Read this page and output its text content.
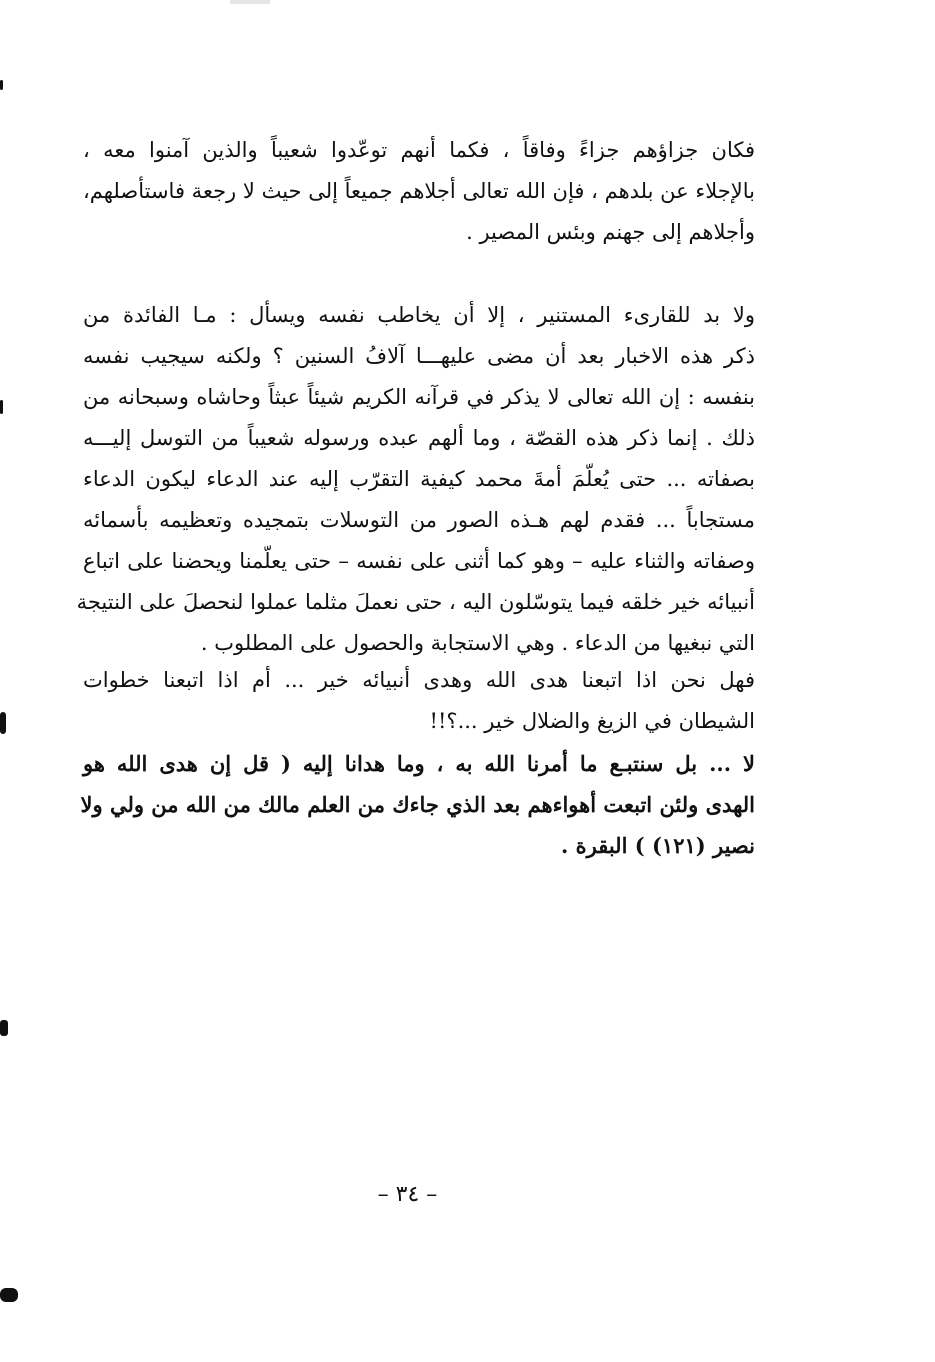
فكان جزاؤهم جزاءً وفاقاً ، فكما أنهم توعّدوا شعيباً والذين آمنوا معه ،
بالإجلاء عن بلدهم ، فإن الله تعالى أجلاهم جميعاً إلى حيث لا رجعة فاستأصلهم،
وأجلاهم إلى جهنم وبئس المصير .

ولا بد للقارىء المستنير ، إلا أن يخاطب نفسه ويسأل : مـا الفائدة من
ذكر هذه الاخبار بعد أن مضى عليهـــا آلافُ السنين ؟ ولكنه سيجيب نفسه
بنفسه : إن الله تعالى لا يذكر في قرآنه الكريم شيئاً عبثاً وحاشاه وسبحانه من
ذلك . إنما ذكر هذه القصّة ، وما ألهم عبده ورسوله شعيباً من التوسل إليـــه
بصفاته ... حتى يُعلّمَ أمةَ محمد كيفية التقرّب إليه عند الدعاء ليكون الدعاء
مستجاباً ... فقدم لهم هـذه الصور من التوسلات بتمجيده وتعظيمه بأسمائه
وصفاته والثناء عليه – وهو كما أثنى على نفسه – حتى يعلّمنا ويحضنا على اتباع
أنبيائه خير خلقه فيما يتوسّلون اليه ، حتى نعملَ مثلما عملوا لنحصلَ على النتيجة
التي نبغيها من الدعاء . وهي الاستجابة والحصول على المطلوب .

فهل نحن اذا اتبعنا هدى الله وهدى أنبيائه خير ... أم اذا اتبعنا خطوات
الشيطان في الزيغ والضلال خير ...؟!!

لا ... بل سنتبـع ما أمرنا الله به ، وما هدانا إليه ( قل إن هدى الله هو
الهدى ولئن اتبعت أهواءهم بعد الذي جاءك من العلم مالك من الله من ولي ولا
نصير (١٢١) ) البقرة .

– ٣٤ –
